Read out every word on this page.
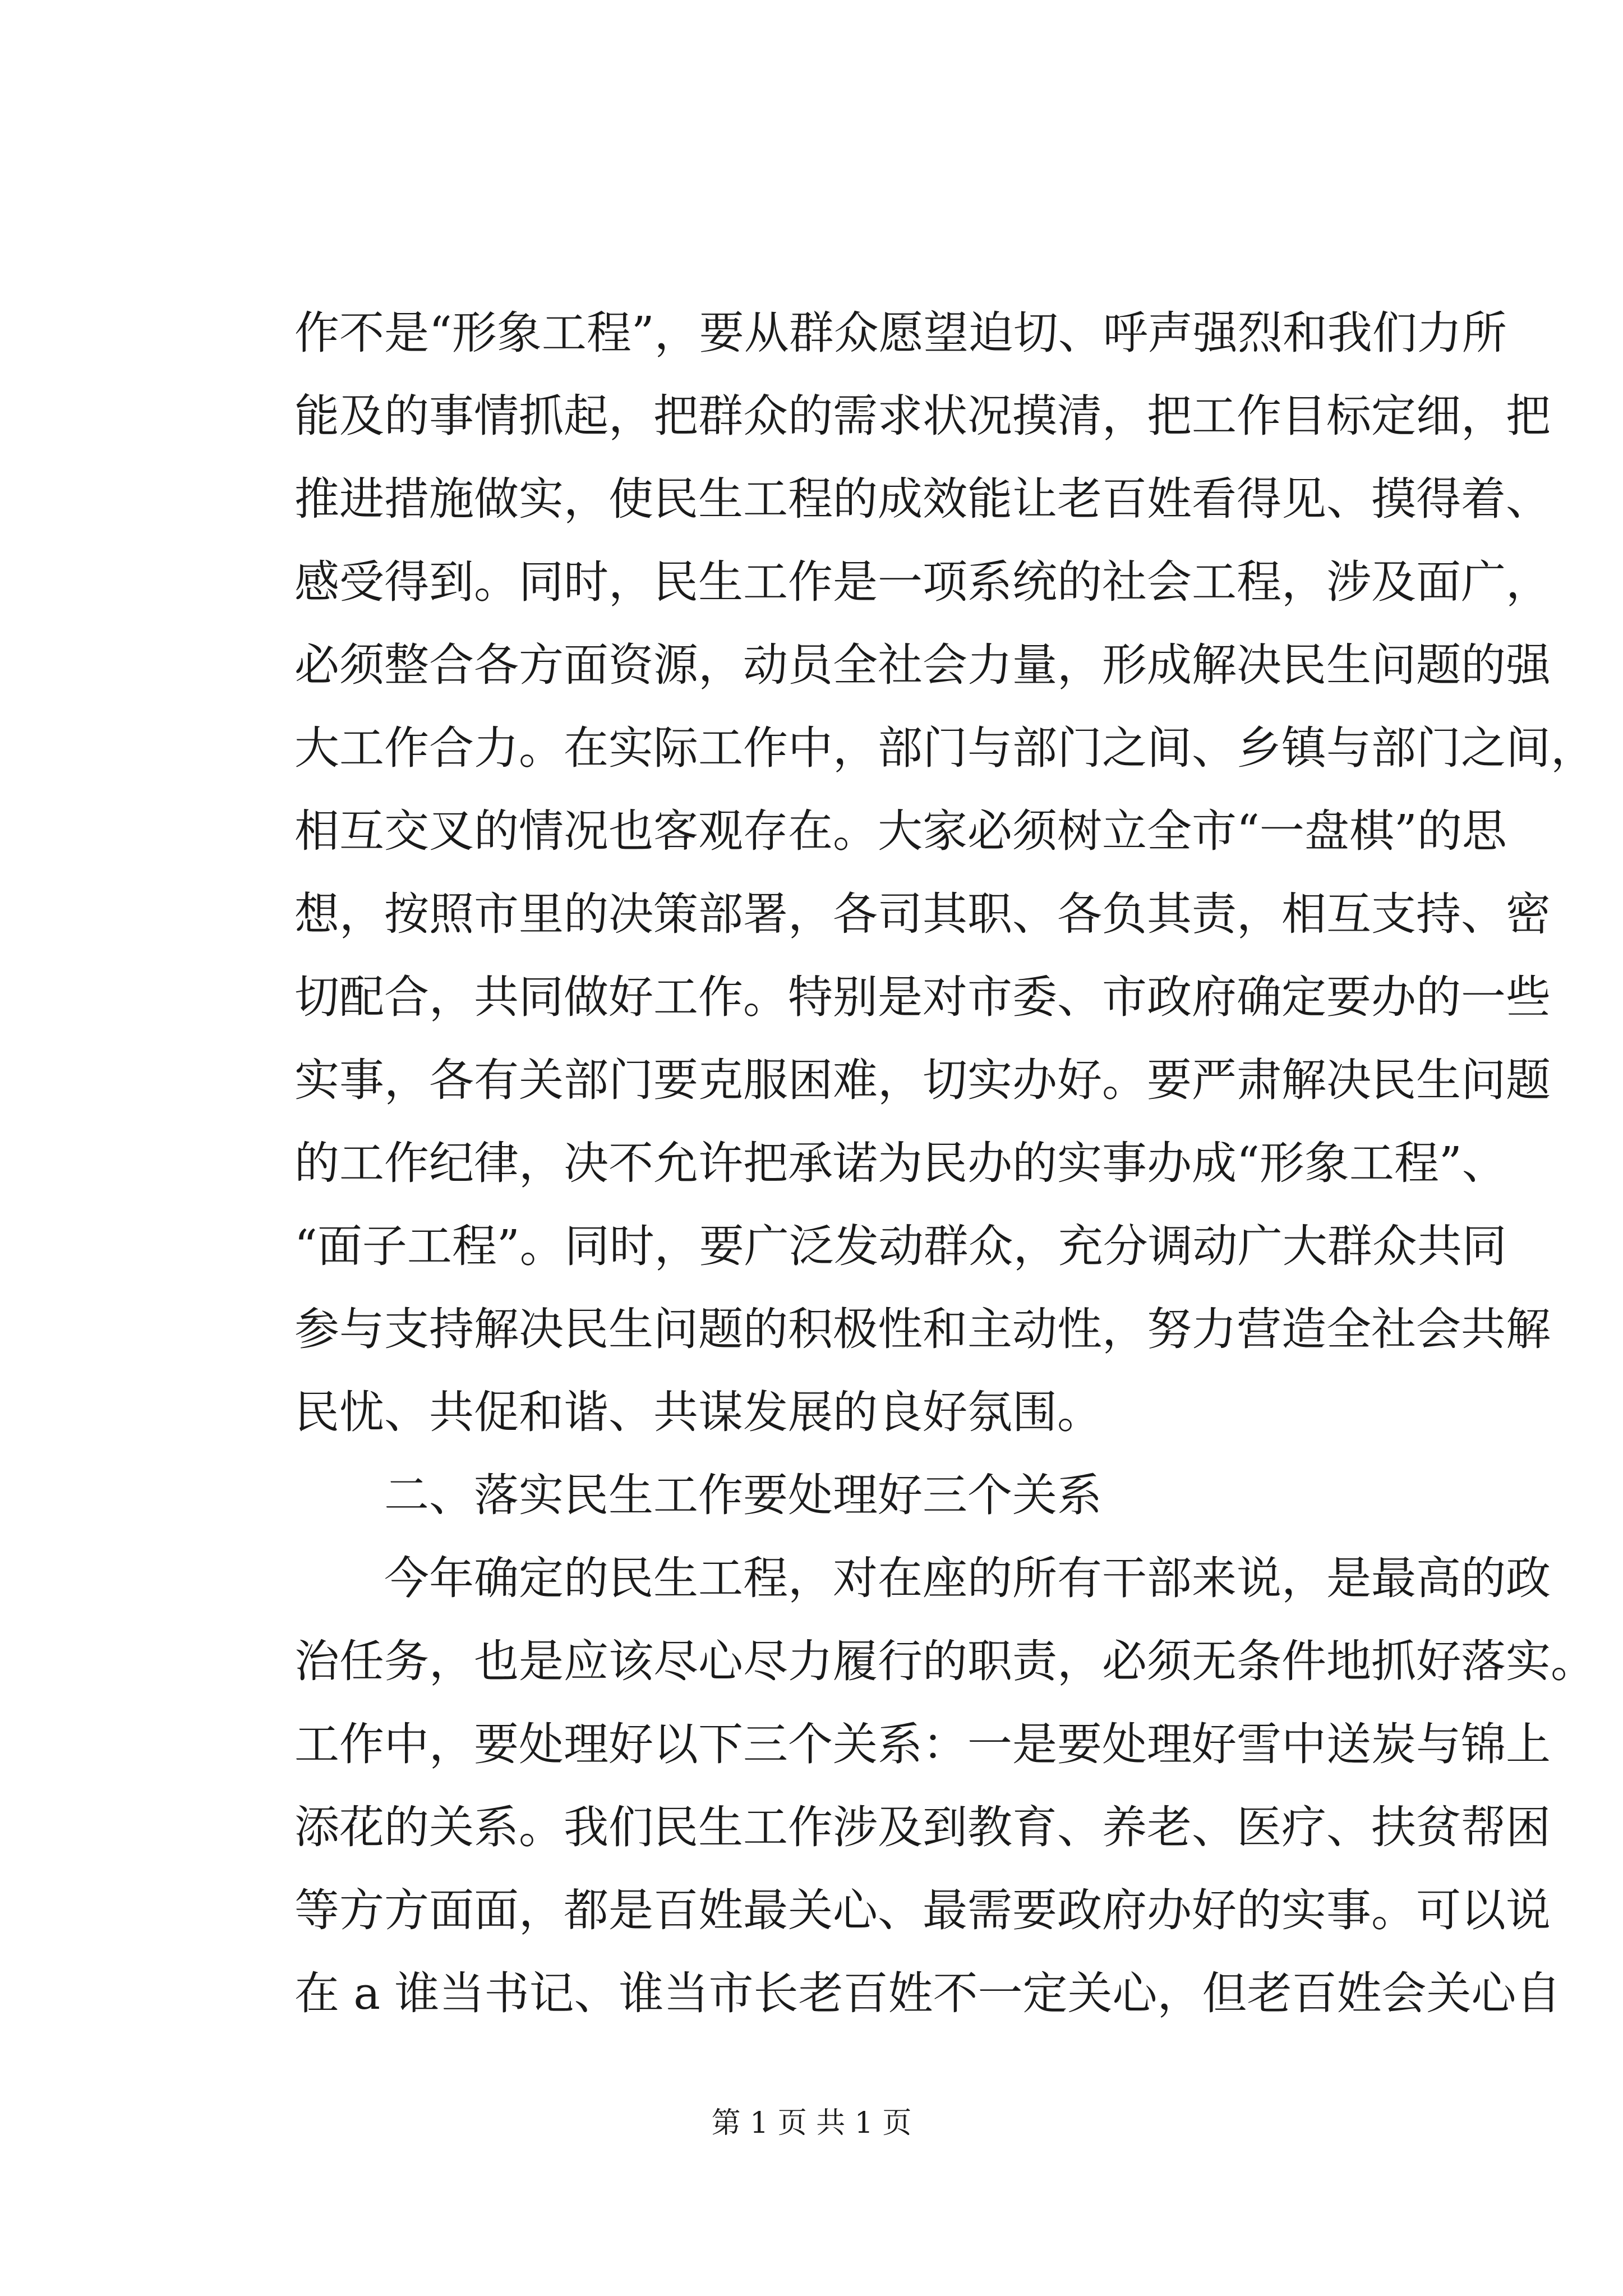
作不是“形象工程”，要从群众愿望迫切、呼声强烈和我们力所
能及的事情抓起，把群众的需求状况摸清，把工作目标定细，把
推进措施做实，使民生工程的成效能让老百姓看得见、摸得着、
感受得到。同时，民生工作是一项系统的社会工程，涉及面广，
必须整合各方面资源，动员全社会力量，形成解决民生问题的强
大工作合力。在实际工作中，部门与部门之间、乡镇与部门之间，
相互交叉的情况也客观存在。大家必须树立全市“一盘棋”的思
想，按照市里的决策部署，各司其职、各负其责，相互支持、密
切配合，共同做好工作。特别是对市委、市政府确定要办的一些
实事，各有关部门要克服困难，切实办好。要严肃解决民生问题
的工作纪律，决不允许把承诺为民办的实事办成“形象工程”、
“面子工程”。同时，要广泛发动群众，充分调动广大群众共同
参与支持解决民生问题的积极性和主动性，努力营造全社会共解
民忧、共促和谐、共谋发展的良好氛围。
二、落实民生工作要处理好三个关系
今年确定的民生工程，对在座的所有干部来说，是最高的政
治任务，也是应该尽心尽力履行的职责，必须无条件地抓好落实。
工作中，要处理好以下三个关系：一是要处理好雪中送炭与锦上
添花的关系。我们民生工作涉及到教育、养老、医疗、扶贫帮困
等方方面面，都是百姓最关心、最需要政府办好的实事。可以说
在 a 谁当书记、谁当市长老百姓不一定关心，但老百姓会关心自
第 1 页 共 1 页
